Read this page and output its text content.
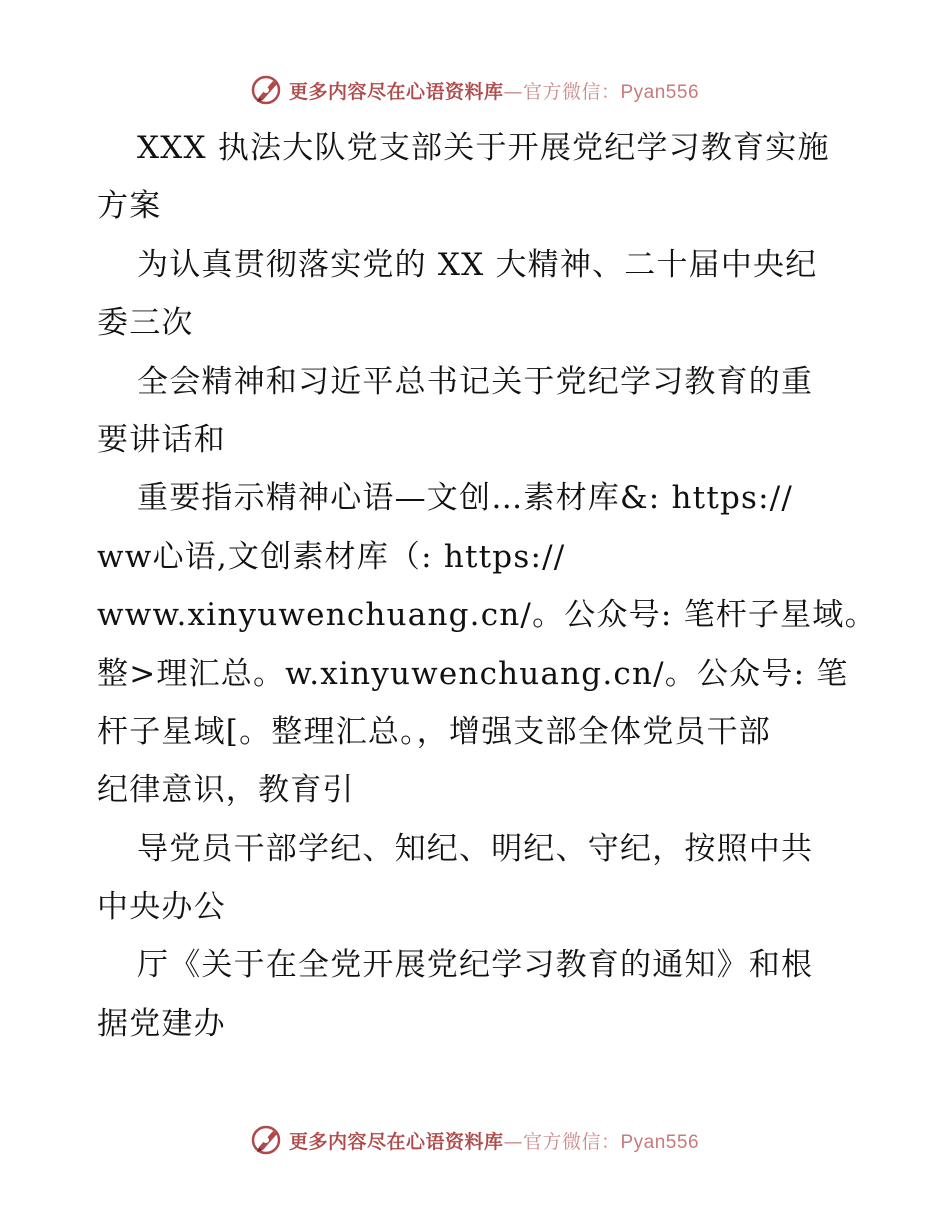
更多内容尽在心语资料库—官方微信：Pyan556
XXX 执法大队党支部关于开展党纪学习教育实施
方案
为认真贯彻落实党的 XX 大精神、二十届中央纪
委三次
全会精神和习近平总书记关于党纪学习教育的重
要讲话和
重要指示精神心语—文创…素材库&: https://
ww心语,文创素材库（: https://
www.xinyuwenchuang.cn/。公众号: 笔杆子星域。
整>理汇总。w.xinyuwenchuang.cn/。公众号: 笔
杆子星域[。整理汇总。，增强支部全体党员干部
纪律意识，教育引
导党员干部学纪、知纪、明纪、守纪，按照中共
中央办公
厅《关于在全党开展党纪学习教育的通知》和根
据党建办
更多内容尽在心语资料库—官方微信：Pyan556
